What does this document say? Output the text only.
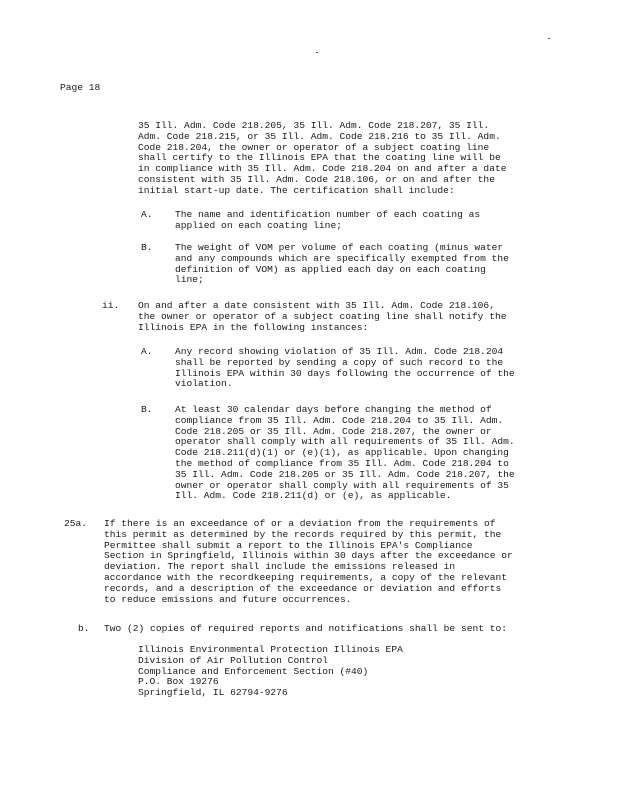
Page 18
35 Ill. Adm. Code 218.205, 35 Ill. Adm. Code 218.207, 35 Ill.
Adm. Code 218.215, or 35 Ill. Adm. Code 218.216 to 35 Ill. Adm.
Code 218.204, the owner or operator of a subject coating line
shall certify to the Illinois EPA that the coating line will be
in compliance with 35 Ill. Adm. Code 218.204 on and after a date
consistent with 35 Ill. Adm. Code 218.106, or on and after the
initial start-up date. The certification shall include:
A. The name and identification number of each coating as
applied on each coating line;
B. The weight of VOM per volume of each coating (minus water
and any compounds which are specifically exempted from the
definition of VOM) as applied each day on each coating
line;
ii. On and after a date consistent with 35 Ill. Adm. Code 218.106,
the owner or operator of a subject coating line shall notify the
Illinois EPA in the following instances:
A. Any record showing violation of 35 Ill. Adm. Code 218.204
shall be reported by sending a copy of such record to the
Illinois EPA within 30 days following the occurrence of the
violation.
B. At least 30 calendar days before changing the method of
compliance from 35 Ill. Adm. Code 218.204 to 35 Ill. Adm.
Code 218.205 or 35 Ill. Adm. Code 218.207, the owner or
operator shall comply with all requirements of 35 Ill. Adm.
Code 218.211(d)(1) or (e)(1), as applicable. Upon changing
the method of compliance from 35 Ill. Adm. Code 218.204 to
35 Ill. Adm. Code 218.205 or 35 Ill. Adm. Code 218.207, the
owner or operator shall comply with all requirements of 35
Ill. Adm. Code 218.211(d) or (e), as applicable.
25a. If there is an exceedance of or a deviation from the requirements of
this permit as determined by the records required by this permit, the
Permittee shall submit a report to the Illinois EPA's Compliance
Section in Springfield, Illinois within 30 days after the exceedance or
deviation. The report shall include the emissions released in
accordance with the recordkeeping requirements, a copy of the relevant
records, and a description of the exceedance or deviation and efforts
to reduce emissions and future occurrences.
b. Two (2) copies of required reports and notifications shall be sent to:
Illinois Environmental Protection Illinois EPA
Division of Air Pollution Control
Compliance and Enforcement Section (#40)
P.O. Box 19276
Springfield, IL 62794-9276
